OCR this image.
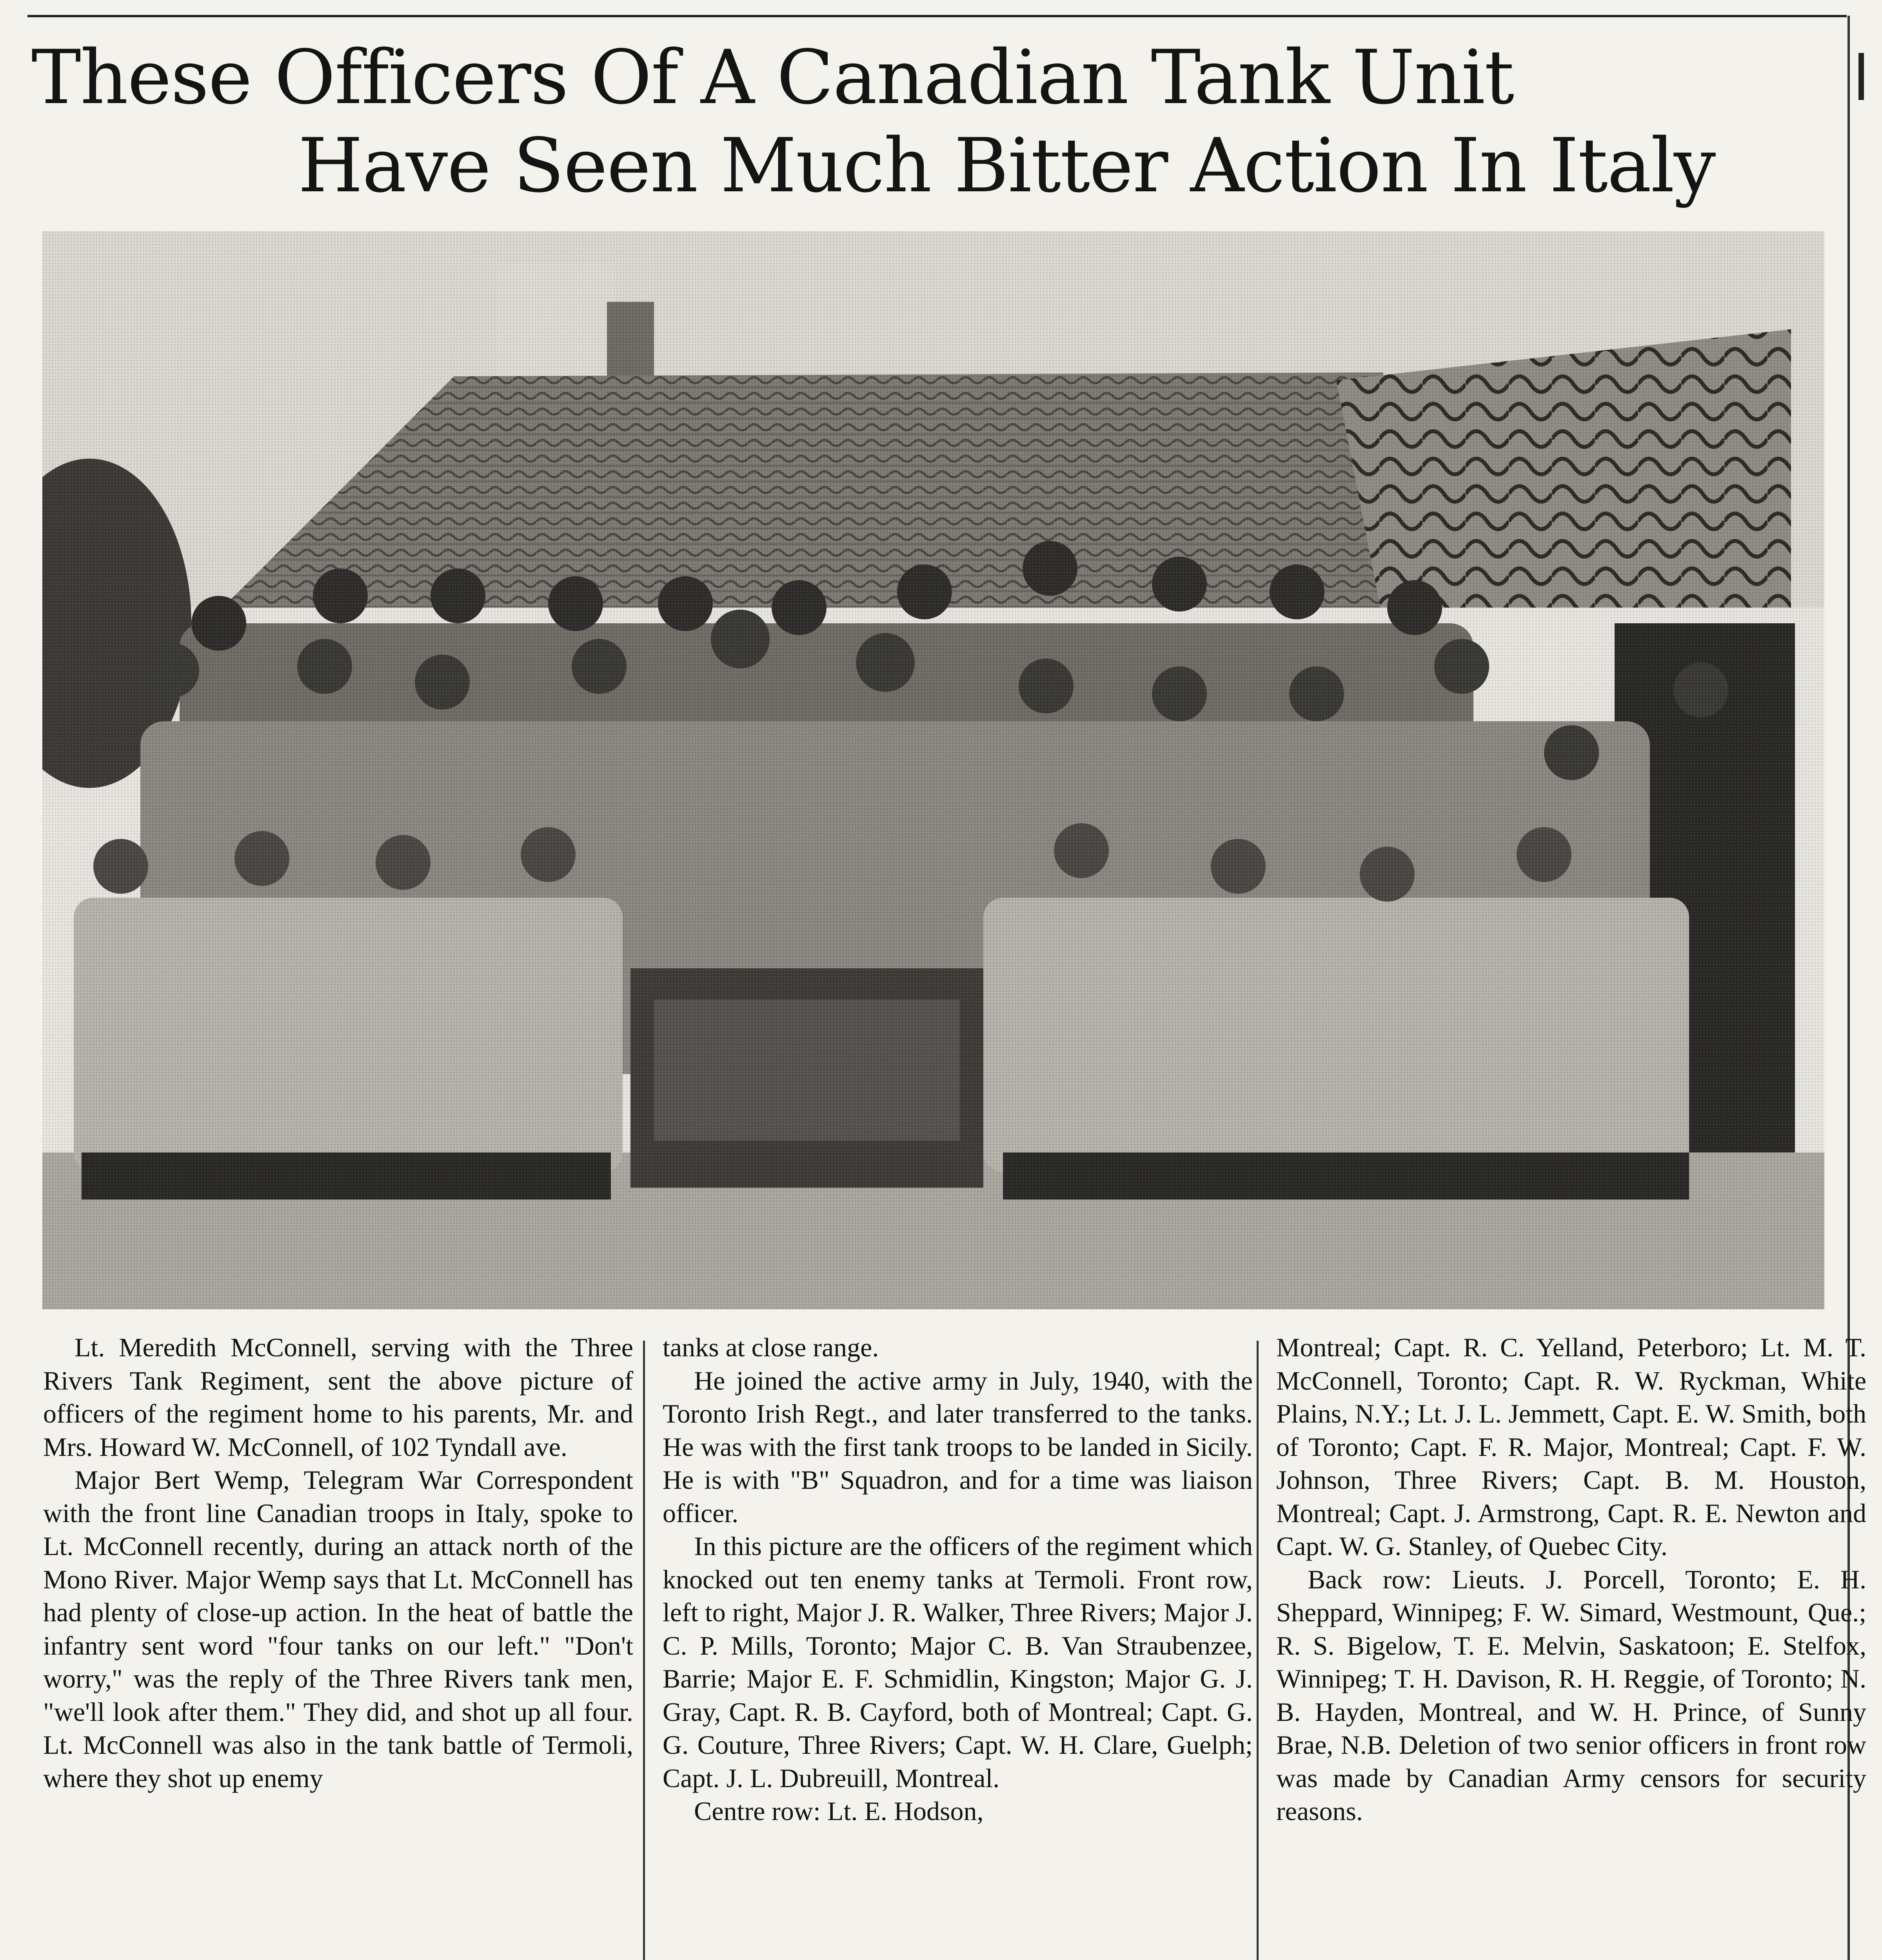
These Officers Of A Canadian Tank Unit
Have Seen Much Bitter Action In Italy

Lt. Meredith McConnell, serving with the Three Rivers Tank Regiment, sent the above picture of officers of the regiment home to his parents, Mr. and Mrs. Howard W. McConnell, of 102 Tyndall ave.

Major Bert Wemp, Telegram War Correspondent with the front line Canadian troops in Italy, spoke to Lt. McConnell recently, during an attack north of the Mono River. Major Wemp says that Lt. McConnell has had plenty of close-up action. In the heat of battle the infantry sent word "four tanks on our left." "Don't worry," was the reply of the Three Rivers tank men, "we'll look after them." They did, and shot up all four. Lt. McConnell was also in the tank battle of Termoli, where they shot up enemy

tanks at close range.

He joined the active army in July, 1940, with the Toronto Irish Regt., and later transferred to the tanks. He was with the first tank troops to be landed in Sicily. He is with "B" Squadron, and for a time was liaison officer.

In this picture are the officers of the regiment which knocked out ten enemy tanks at Termoli. Front row, left to right, Major J. R. Walker, Three Rivers; Major J. C. P. Mills, Toronto; Major C. B. Van Straubenzee, Barrie; Major E. F. Schmidlin, Kingston; Major G. J. Gray, Capt. R. B. Cayford, both of Montreal; Capt. G. G. Couture, Three Rivers; Capt. W. H. Clare, Guelph; Capt. J. L. Dubreuill, Montreal.

Centre row: Lt. E. Hodson,

Montreal; Capt. R. C. Yelland, Peterboro; Lt. M. T. McConnell, Toronto; Capt. R. W. Ryckman, White Plains, N.Y.; Lt. J. L. Jemmett, Capt. E. W. Smith, both of Toronto; Capt. F. R. Major, Montreal; Capt. F. W. Johnson, Three Rivers; Capt. B. M. Houston, Montreal; Capt. J. Armstrong, Capt. R. E. Newton and Capt. W. G. Stanley, of Quebec City.

Back row: Lieuts. J. Porcell, Toronto; E. H. Sheppard, Winnipeg; F. W. Simard, Westmount, Que.; R. S. Bigelow, T. E. Melvin, Saskatoon; E. Stelfox, Winnipeg; T. H. Davison, R. H. Reggie, of Toronto; N. B. Hayden, Montreal, and W. H. Prince, of Sunny Brae, N.B. Deletion of two senior officers in front row was made by Canadian Army censors for security reasons.
